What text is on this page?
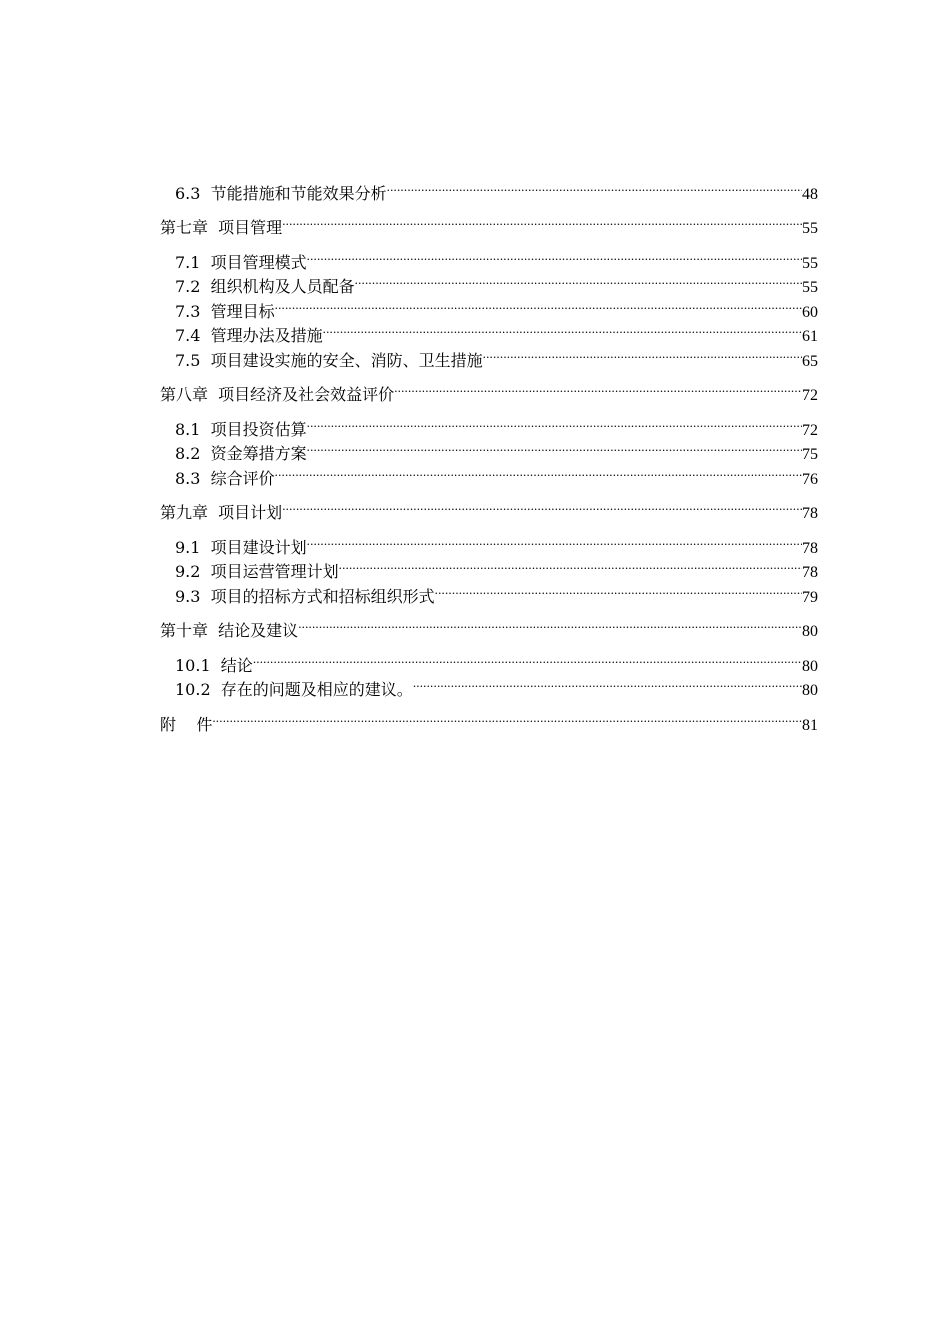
6.3  节能措施和节能效果分析 .....	48
第七章  项目管理 .....	55
7.1  项目管理模式 .....	55
7.2  组织机构及人员配备 .....	55
7.3  管理目标 .....	60
7.4  管理办法及措施 .....	61
7.5  项目建设实施的安全、消防、卫生措施 .....	65
第八章  项目经济及社会效益评价 .....	72
8.1  项目投资估算 .....	72
8.2  资金筹措方案 .....	75
8.3  综合评价 .....	76
第九章  项目计划 .....	78
9.1  项目建设计划 .....	78
9.2  项目运营管理计划 .....	78
9.3  项目的招标方式和招标组织形式 .....	79
第十章  结论及建议 .....	80
10.1  结论 .....	80
10.2  存在的问题及相应的建议。 .....	80
附    件 .....	81
